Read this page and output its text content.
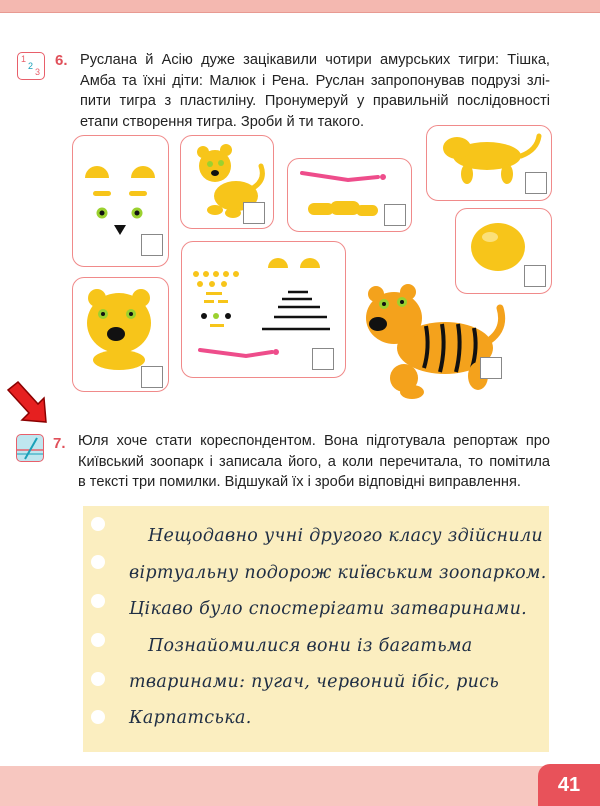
1
2
3
6. Руслана й Асію дуже зацікавили чотири амурських тигри: Тішка,
Амба та їхні діти: Малюк і Рена. Руслан запропонував подрузі злі-
пити тигра з пластиліну. Пронумеруй у правильній послідовності
етапи створення тигра. Зроби й ти такого.
7. Юля хоче стати кореспондентом. Вона підготувала репортаж про
Київський зоопарк і записала його, а коли перечитала, то помітила
в тексті три помилки. Відшукай їх і зроби відповідні виправлення.
Нещодавно учні другого класу здійснили
віртуальну подорож київським зоопарком.
Цікаво було спостерігати затваринами.
Познайомилися вони із багатьма
тваринами: пугач, червоний ібіс, рись
Карпатська.
41
